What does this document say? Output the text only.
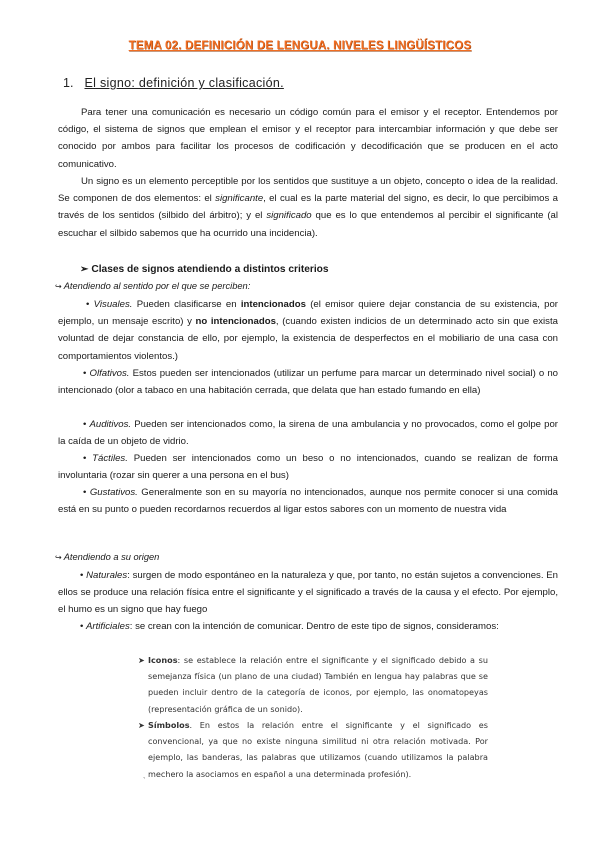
TEMA 02. DEFINICIÓN DE LENGUA. NIVELES LINGÜÍSTICOS
1. El signo: definición y clasificación.

Para tener una comunicación es necesario un código común para el emisor y el receptor. Entendemos por código, el sistema de signos que emplean el emisor y el receptor para intercambiar información y que debe ser conocido por ambos para facilitar los procesos de codificación y decodificación que se producen en el acto comunicativo.

Un signo es un elemento perceptible por los sentidos que sustituye a un objeto, concepto o idea de la realidad. Se componen de dos elementos: el significante, el cual es la parte material del signo, es decir, lo que percibimos a través de los sentidos (silbido del árbitro); y el significado que es lo que entendemos al percibir el significante (al escuchar el silbido sabemos que ha ocurrido una incidencia).

➢ Clases de signos atendiendo a distintos criterios
↪ Atendiendo al sentido por el que se perciben:

• Visuales. Pueden clasificarse en intencionados (el emisor quiere dejar constancia de su existencia, por ejemplo, un mensaje escrito) y no intencionados, (cuando existen indicios de un determinado acto sin que exista voluntad de dejar constancia de ello, por ejemplo, la existencia de desperfectos en el mobiliario de una casa con comportamientos violentos.)

• Olfativos. Estos pueden ser intencionados (utilizar un perfume para marcar un determinado nivel social) o no intencionado (olor a tabaco en una habitación cerrada, que delata que han estado fumando en ella)

• Auditivos. Pueden ser intencionados como, la sirena de una ambulancia y no provocados, como el golpe por la caída de un objeto de vidrio.

• Táctiles. Pueden ser intencionados como un beso o no intencionados, cuando se realizan de forma involuntaria (rozar sin querer a una persona en el bus)

• Gustativos. Generalmente son en su mayoría no intencionados, aunque nos permite conocer si una comida está en su punto o pueden recordarnos recuerdos al ligar estos sabores con un momento de nuestra vida

↪ Atendiendo a su origen

• Naturales: surgen de modo espontáneo en la naturaleza y que, por tanto, no están sujetos a convenciones. En ellos se produce una relación física entre el significante y el significado a través de la causa y el efecto. Por ejemplo, el humo es un signo que hay fuego

• Artificiales: se crean con la intención de comunicar. Dentro de este tipo de signos, consideramos:

➤ Iconos: se establece la relación entre el significante y el significado debido a su semejanza física (un plano de una ciudad) También en lengua hay palabras que se pueden incluir dentro de la categoría de iconos, por ejemplo, las onomatopeyas (representación gráfica de un sonido).
➤ Símbolos. En estos la relación entre el significante y el significado es convencional, ya que no existe ninguna similitud ni otra relación motivada. Por ejemplo, las banderas, las palabras que utilizamos (cuando utilizamos la palabra mechero la asociamos en español a una determinada profesión).
ˎ
